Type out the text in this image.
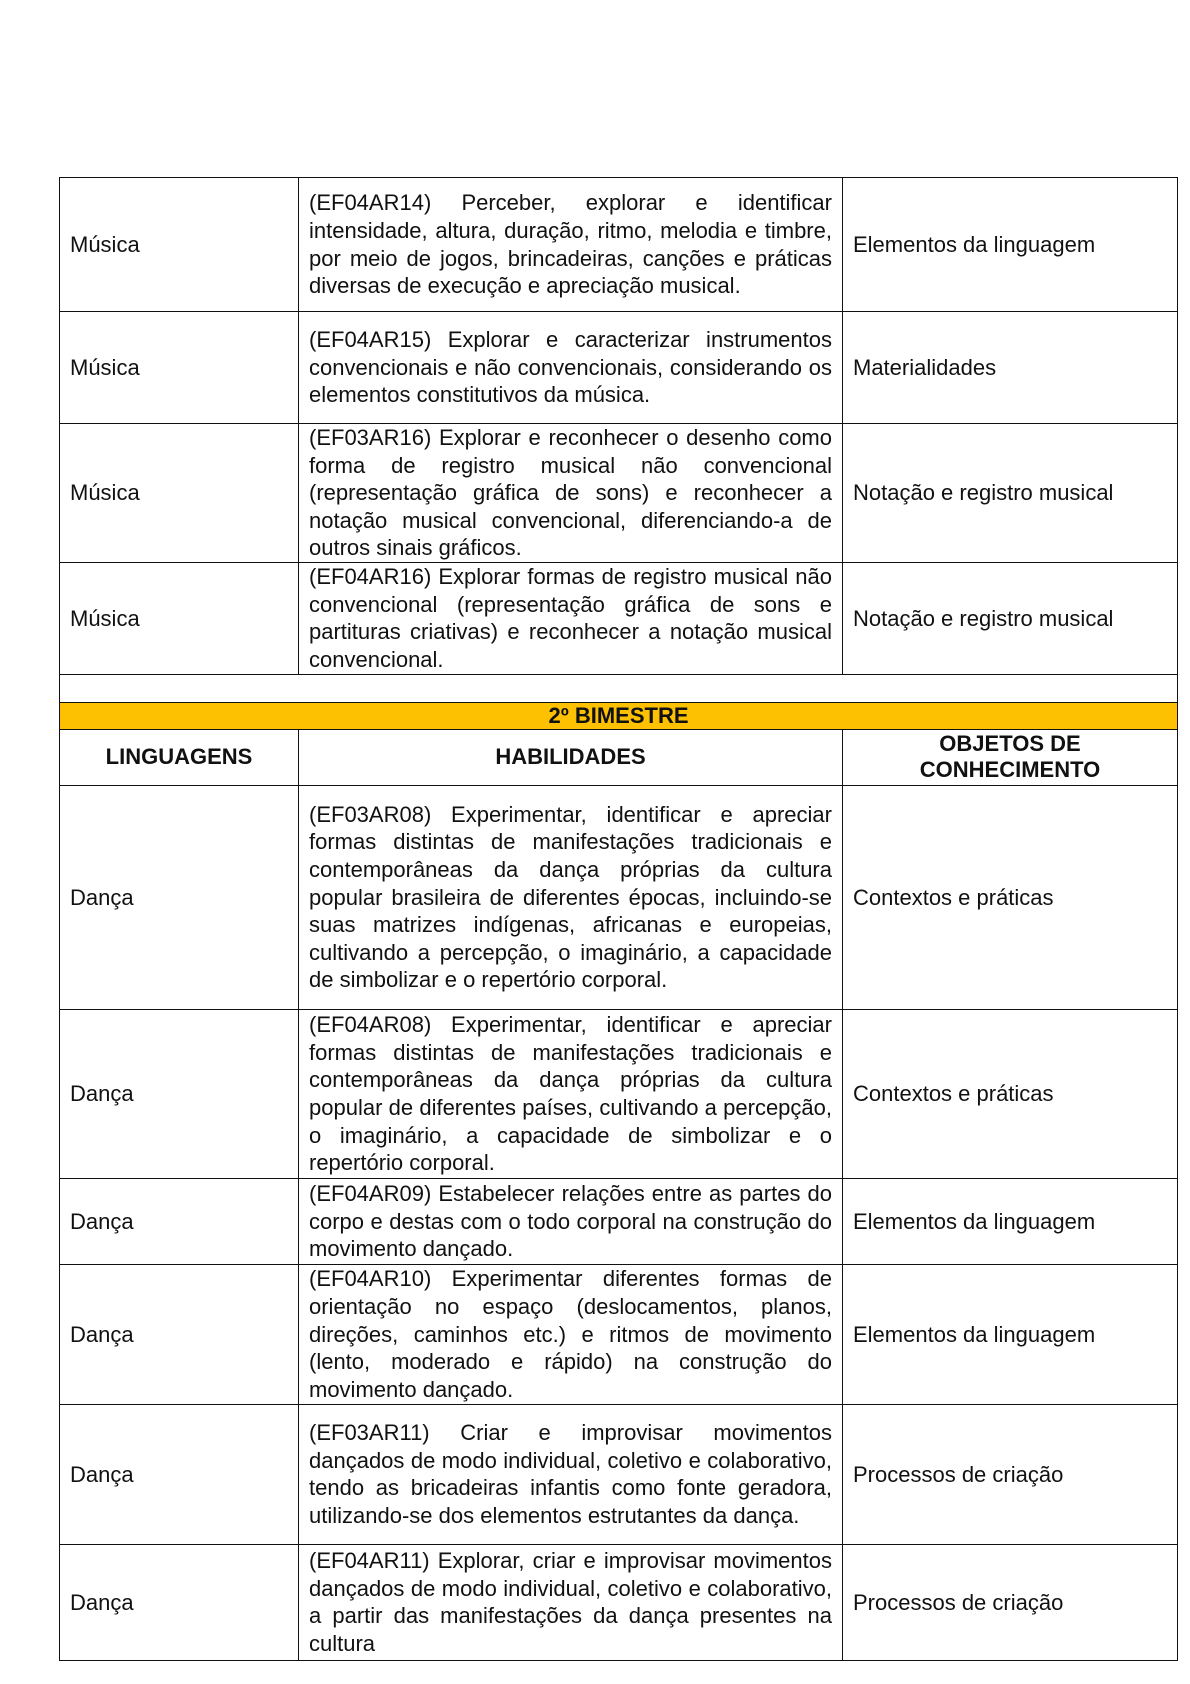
Música	(EF04AR14) Perceber, explorar e identificar intensidade, altura, duração, ritmo, melodia e timbre, por meio de jogos, brincadeiras, canções e práticas diversas de execução e apreciação musical.	Elementos da linguagem
Música	(EF04AR15) Explorar e caracterizar instrumentos convencionais e não convencionais, considerando os elementos constitutivos da música.	Materialidades
Música	(EF03AR16) Explorar e reconhecer o desenho como forma de registro musical não convencional (representação gráfica de sons) e reconhecer a notação musical convencional, diferenciando-a de outros sinais gráficos.	Notação e registro musical
Música	(EF04AR16) Explorar formas de registro musical não convencional (representação gráfica de sons e partituras criativas) e reconhecer a notação musical convencional.	Notação e registro musical

2º BIMESTRE		
LINGUAGENS	HABILIDADES	OBJETOS DE CONHECIMENTO
Dança	(EF03AR08) Experimentar, identificar e apreciar formas distintas de manifestações tradicionais e contemporâneas da dança próprias da cultura popular brasileira de diferentes épocas, incluindo-se suas matrizes indígenas, africanas e europeias, cultivando a percepção, o imaginário, a capacidade de simbolizar e o repertório corporal.	Contextos e práticas
Dança	(EF04AR08) Experimentar, identificar e apreciar formas distintas de manifestações tradicionais e contemporâneas da dança próprias da cultura popular de diferentes países, cultivando a percepção, o imaginário, a capacidade de simbolizar e o repertório corporal.	Contextos e práticas
Dança	(EF04AR09) Estabelecer relações entre as partes do corpo e destas com o todo corporal na construção do movimento dançado.	Elementos da linguagem
Dança	(EF04AR10) Experimentar diferentes formas de orientação no espaço (deslocamentos, planos, direções, caminhos etc.) e ritmos de movimento (lento, moderado e rápido) na construção do movimento dançado.	Elementos da linguagem
Dança	(EF03AR11) Criar e improvisar movimentos dançados de modo individual, coletivo e colaborativo, tendo as bricadeiras infantis como fonte geradora, utilizando-se dos elementos estrutantes da dança.	Processos de criação
Dança	(EF04AR11) Explorar, criar e improvisar movimentos dançados de modo individual, coletivo e colaborativo, a partir das manifestações da dança presentes na cultura	Processos de criação
